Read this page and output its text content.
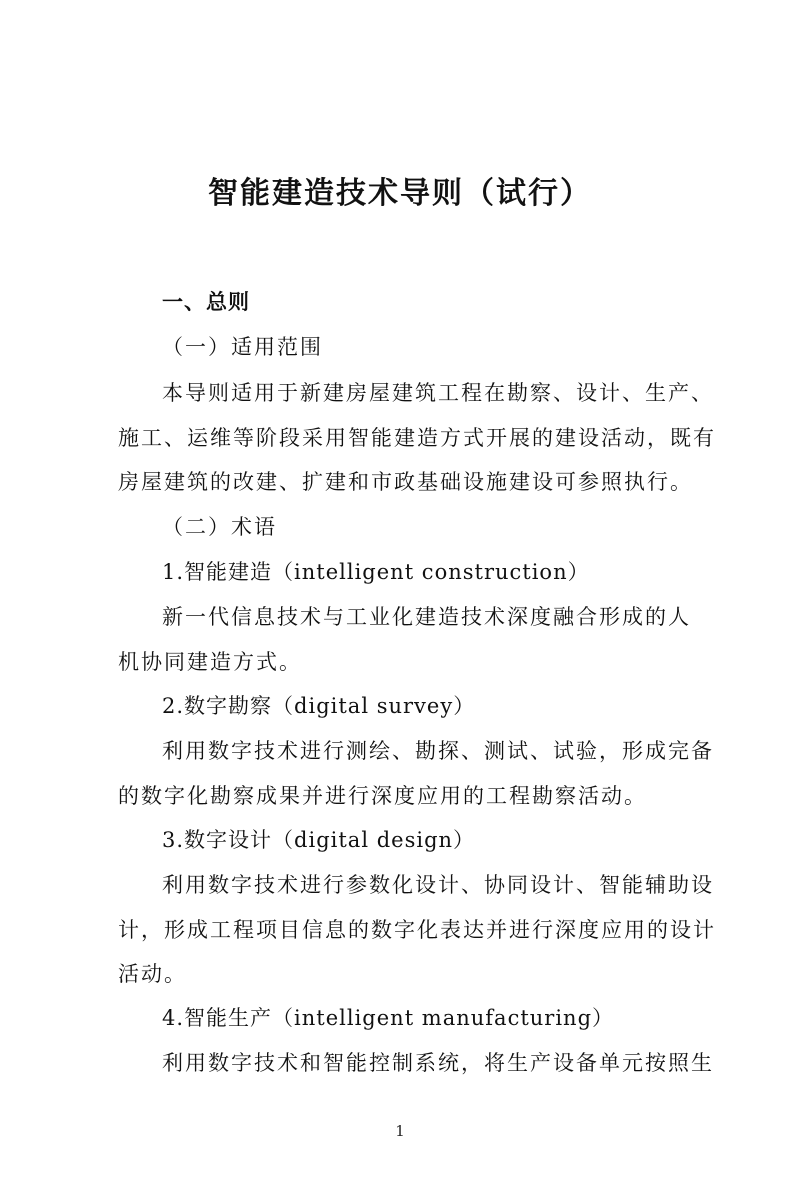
智能建造技术导则（试行）
一、总则
（一）适用范围
本导则适用于新建房屋建筑工程在勘察、设计、生产、
施工、运维等阶段采用智能建造方式开展的建设活动，既有
房屋建筑的改建、扩建和市政基础设施建设可参照执行。
（二）术语
1.智能建造（intelligent construction）
新一代信息技术与工业化建造技术深度融合形成的人
机协同建造方式。
2.数字勘察（digital survey）
利用数字技术进行测绘、勘探、测试、试验，形成完备
的数字化勘察成果并进行深度应用的工程勘察活动。
3.数字设计（digital design）
利用数字技术进行参数化设计、协同设计、智能辅助设
计，形成工程项目信息的数字化表达并进行深度应用的设计
活动。
4.智能生产（intelligent manufacturing）
利用数字技术和智能控制系统，将生产设备单元按照生
1
